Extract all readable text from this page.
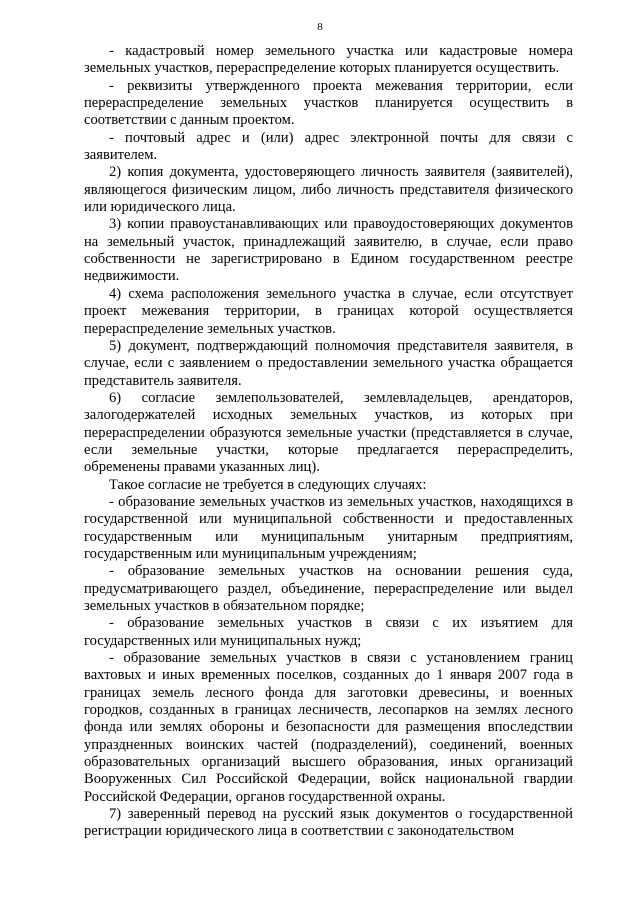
8

- кадастровый номер земельного участка или кадастровые номера земельных участков, перераспределение которых планируется осуществить.

- реквизиты утвержденного проекта межевания территории, если перераспределение земельных участков планируется осуществить в соответствии с данным проектом.

- почтовый адрес и (или) адрес электронной почты для связи с заявителем.

2) копия документа, удостоверяющего личность заявителя (заявителей), являющегося физическим лицом, либо личность представителя физического или юридического лица.

3) копии правоустанавливающих или правоудостоверяющих документов на земельный участок, принадлежащий заявителю, в случае, если право собственности не зарегистрировано в Едином государственном реестре недвижимости.

4) схема расположения земельного участка в случае, если отсутствует проект межевания территории, в границах которой осуществляется перераспределение земельных участков.

5) документ, подтверждающий полномочия представителя заявителя, в случае, если с заявлением о предоставлении земельного участка обращается представитель заявителя.

6) согласие землепользователей, землевладельцев, арендаторов, залогодержателей исходных земельных участков, из которых при перераспределении образуются земельные участки (представляется в случае, если земельные участки, которые предлагается перераспределить, обременены правами указанных лиц).

Такое согласие не требуется в следующих случаях:

- образование земельных участков из земельных участков, находящихся в государственной или муниципальной собственности и предоставленных государственным или муниципальным унитарным предприятиям, государственным или муниципальным учреждениям;

- образование земельных участков на основании решения суда, предусматривающего раздел, объединение, перераспределение или выдел земельных участков в обязательном порядке;

- образование земельных участков в связи с их изъятием для государственных или муниципальных нужд;

- образование земельных участков в связи с установлением границ вахтовых и иных временных поселков, созданных до 1 января 2007 года в границах земель лесного фонда для заготовки древесины, и военных городков, созданных в границах лесничеств, лесопарков на землях лесного фонда или землях обороны и безопасности для размещения впоследствии упраздненных воинских частей (подразделений), соединений, военных образовательных организаций высшего образования, иных организаций Вооруженных Сил Российской Федерации, войск национальной гвардии Российской Федерации, органов государственной охраны.

7) заверенный перевод на русский язык документов о государственной регистрации юридического лица в соответствии с законодательством
